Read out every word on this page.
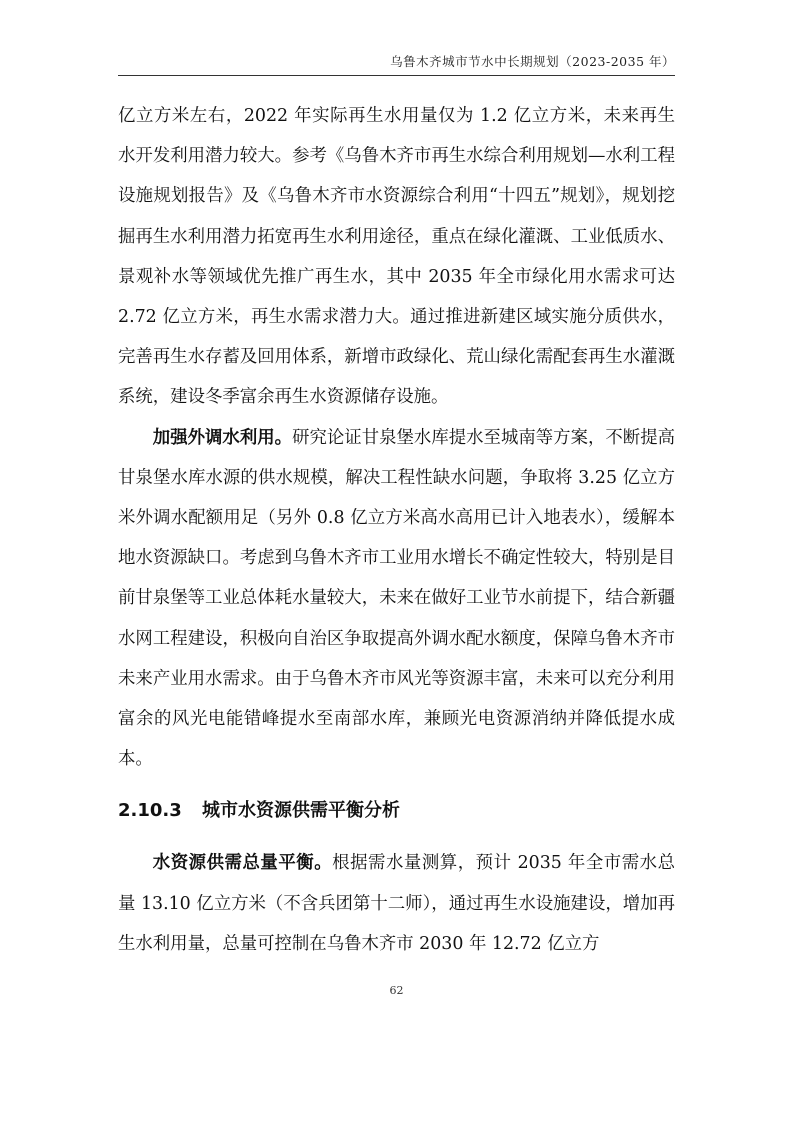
乌鲁木齐城市节水中长期规划（2023-2035 年）

亿立方米左右，2022 年实际再生水用量仅为 1.2 亿立方米，未来再生水开发利用潜力较大。参考《乌鲁木齐市再生水综合利用规划—水利工程设施规划报告》及《乌鲁木齐市水资源综合利用“十四五”规划》，规划挖掘再生水利用潜力拓宽再生水利用途径，重点在绿化灌溉、工业低质水、景观补水等领域优先推广再生水，其中 2035 年全市绿化用水需求可达 2.72 亿立方米，再生水需求潜力大。通过推进新建区域实施分质供水，完善再生水存蓄及回用体系，新增市政绿化、荒山绿化需配套再生水灌溉系统，建设冬季富余再生水资源储存设施。

加强外调水利用。研究论证甘泉堡水库提水至城南等方案，不断提高甘泉堡水库水源的供水规模，解决工程性缺水问题，争取将 3.25 亿立方米外调水配额用足（另外 0.8 亿立方米高水高用已计入地表水），缓解本地水资源缺口。考虑到乌鲁木齐市工业用水增长不确定性较大，特别是目前甘泉堡等工业总体耗水量较大，未来在做好工业节水前提下，结合新疆水网工程建设，积极向自治区争取提高外调水配水额度，保障乌鲁木齐市未来产业用水需求。由于乌鲁木齐市风光等资源丰富，未来可以充分利用富余的风光电能错峰提水至南部水库，兼顾光电资源消纳并降低提水成本。

2.10.3 城市水资源供需平衡分析

水资源供需总量平衡。根据需水量测算，预计 2035 年全市需水总量 13.10 亿立方米（不含兵团第十二师），通过再生水设施建设，增加再生水利用量，总量可控制在乌鲁木齐市 2030 年 12.72 亿立方

62
